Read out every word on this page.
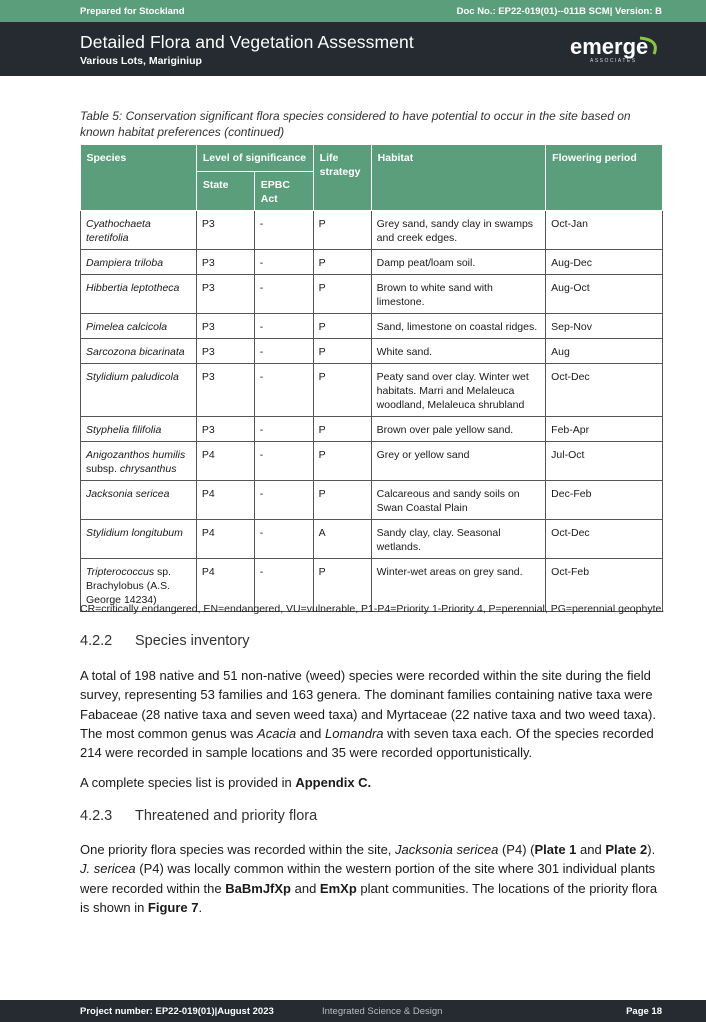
Prepared for Stockland	Doc No.: EP22-019(01)--011B SCM| Version: B
Detailed Flora and Vegetation Assessment
Various Lots, Mariginiup
emerge
ASSOCIATES
Table 5: Conservation significant flora species considered to have potential to occur in the site based on known habitat preferences (continued)
Species	Level of significance		Life strategy	Habitat	Flowering period
	State	EPBC Act			
Cyathochaeta teretifolia	P3	-	P	Grey sand, sandy clay in swamps and creek edges.	Oct-Jan
Dampiera triloba	P3	-	P	Damp peat/loam soil.	Aug-Dec
Hibbertia leptotheca	P3	-	P	Brown to white sand with limestone.	Aug-Oct
Pimelea calcicola	P3	-	P	Sand, limestone on coastal ridges.	Sep-Nov
Sarcozona bicarinata	P3	-	P	White sand.	Aug
Stylidium paludicola	P3	-	P	Peaty sand over clay. Winter wet habitats. Marri and Melaleuca woodland, Melaleuca shrubland	Oct-Dec
Styphelia filifolia	P3	-	P	Brown over pale yellow sand.	Feb-Apr
Anigozanthos humilis
subsp. chrysanthus	P4	-	P	Grey or yellow sand	Jul-Oct
Jacksonia sericea	P4	-	P	Calcareous and sandy soils on Swan Coastal Plain	Dec-Feb
Stylidium longitubum	P4	-	A	Sandy clay, clay. Seasonal wetlands.	Oct-Dec
Tripterococcus sp. Brachylobus (A.S. George 14234)	P4	-	P	Winter-wet areas on grey sand.	Oct-Feb
CR=critically endangered, EN=endangered, VU=vulnerable, P1-P4=Priority 1-Priority 4, P=perennial, PG=perennial geophyte.
4.2.2 Species inventory

A total of 198 native and 51 non-native (weed) species were recorded within the site during the field survey, representing 53 families and 163 genera. The dominant families containing native taxa were Fabaceae (28 native taxa and seven weed taxa) and Myrtaceae (22 native taxa and two weed taxa). The most common genus was Acacia and Lomandra with seven taxa each. Of the species recorded 214 were recorded in sample locations and 35 were recorded opportunistically.

A complete species list is provided in Appendix C.

4.2.3 Threatened and priority flora

One priority flora species was recorded within the site, Jacksonia sericea (P4) (Plate 1 and Plate 2).
J. sericea (P4) was locally common within the western portion of the site where 301 individual plants were recorded within the BaBmJfXp and EmXp plant communities. The locations of the priority flora is shown in Figure 7.

Project number: EP22-019(01)|August 2023	Integrated Science & Design	Page 18
